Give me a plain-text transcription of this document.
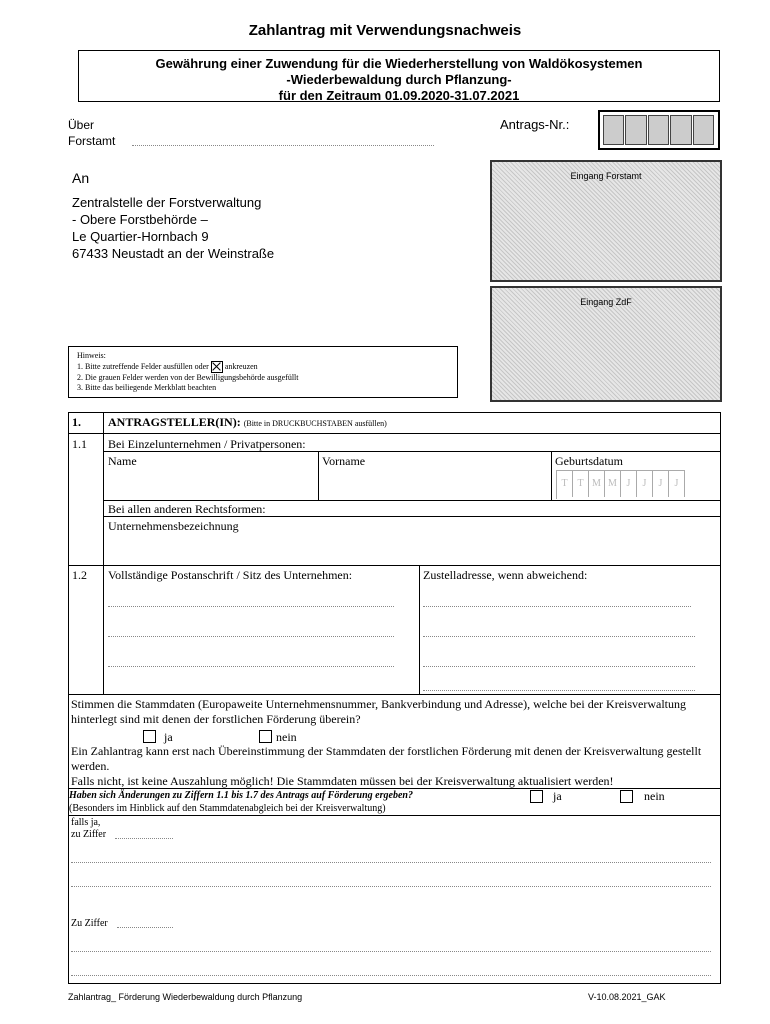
Zahlantrag mit Verwendungsnachweis
Gewährung einer Zuwendung für die Wiederherstellung von Waldökosystemen
-Wiederbewaldung durch Pflanzung-
für den Zeitraum 01.09.2020-31.07.2021
Über
Forstamt
Antrags-Nr.:
An
Zentralstelle der Forstverwaltung
- Obere Forstbehörde –
Le Quartier-Hornbach 9
67433 Neustadt an der Weinstraße
Eingang Forstamt
Eingang ZdF
Hinweis:
1. Bitte zutreffende Felder ausfüllen oder ankreuzen
2. Die grauen Felder werden von der Bewilligungsbehörde ausgefüllt
3. Bitte das beiliegende Merkblatt beachten
1. ANTRAGSTELLER(IN): (Bitte in DRUCKBUCHSTABEN ausfüllen)
1.1 Bei Einzelunternehmen / Privatpersonen:
Name	Vorname	Geburtsdatum
T T M M J J J J
Bei allen anderen Rechtsformen:
Unternehmensbezeichnung
1.2 Vollständige Postanschrift / Sitz des Unternehmen:	Zustelladresse, wenn abweichend:
Stimmen die Stammdaten (Europaweite Unternehmensnummer, Bankverbindung und Adresse), welche bei der Kreisverwaltung hinterlegt sind mit denen der forstlichen Förderung überein?
ja	nein
Ein Zahlantrag kann erst nach Übereinstimmung der Stammdaten der forstlichen Förderung mit denen der Kreisverwaltung gestellt werden.
Falls nicht, ist keine Auszahlung möglich! Die Stammdaten müssen bei der Kreisverwaltung aktualisiert werden!
Haben sich Änderungen zu Ziffern 1.1 bis 1.7 des Antrags auf Förderung ergeben?	ja	nein
(Besonders im Hinblick auf den Stammdatenabgleich bei der Kreisverwaltung)
falls ja,
zu Ziffer
Zu Ziffer
Zahlantrag_ Förderung Wiederbewaldung durch Pflanzung	V-10.08.2021_GAK
